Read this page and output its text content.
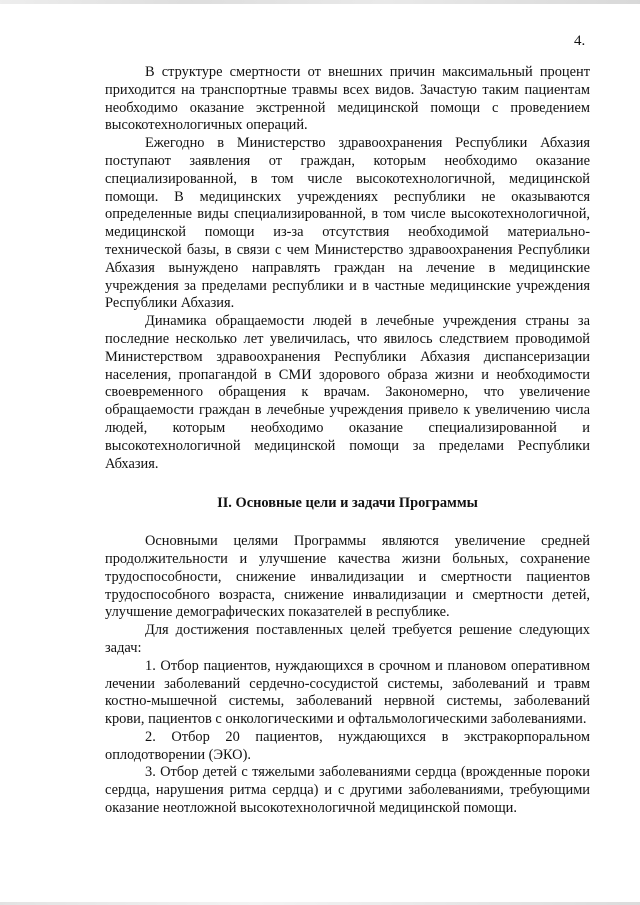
4.

В структуре смертности от внешних причин максимальный процент приходится на транспортные травмы всех видов. Зачастую таким пациентам необходимо оказание экстренной медицинской помощи с проведением высокотехнологичных операций.

Ежегодно в Министерство здравоохранения Республики Абхазия поступают заявления от граждан, которым необходимо оказание специализированной, в том числе высокотехнологичной, медицинской помощи. В медицинских учреждениях республики не оказываются определенные виды специализированной, в том числе высокотехнологичной, медицинской помощи из-за отсутствия необходимой материально-технической базы, в связи с чем Министерство здравоохранения Республики Абхазия вынуждено направлять граждан на лечение в медицинские учреждения за пределами республики и в частные медицинские учреждения Республики Абхазия.

Динамика обращаемости людей в лечебные учреждения страны за последние несколько лет увеличилась, что явилось следствием проводимой Министерством здравоохранения Республики Абхазия диспансеризации населения, пропагандой в СМИ здорового образа жизни и необходимости своевременного обращения к врачам. Закономерно, что увеличение обращаемости граждан в лечебные учреждения привело к увеличению числа людей, которым необходимо оказание специализированной и высокотехнологичной медицинской помощи за пределами Республики Абхазия.

II. Основные цели и задачи Программы

Основными целями Программы являются увеличение средней продолжительности и улучшение качества жизни больных, сохранение трудоспособности, снижение инвалидизации и смертности пациентов трудоспособного возраста, снижение инвалидизации и смертности детей, улучшение демографических показателей в республике.

Для достижения поставленных целей требуется решение следующих задач:

1. Отбор пациентов, нуждающихся в срочном и плановом оперативном лечении заболеваний сердечно-сосудистой системы, заболеваний и травм костно-мышечной системы, заболеваний нервной системы, заболеваний крови, пациентов с онкологическими и офтальмологическими заболеваниями.

2. Отбор 20 пациентов, нуждающихся в экстракорпоральном оплодотворении (ЭКО).

3. Отбор детей с тяжелыми заболеваниями сердца (врожденные пороки сердца, нарушения ритма сердца) и с другими заболеваниями, требующими оказание неотложной высокотехнологичной медицинской помощи.
